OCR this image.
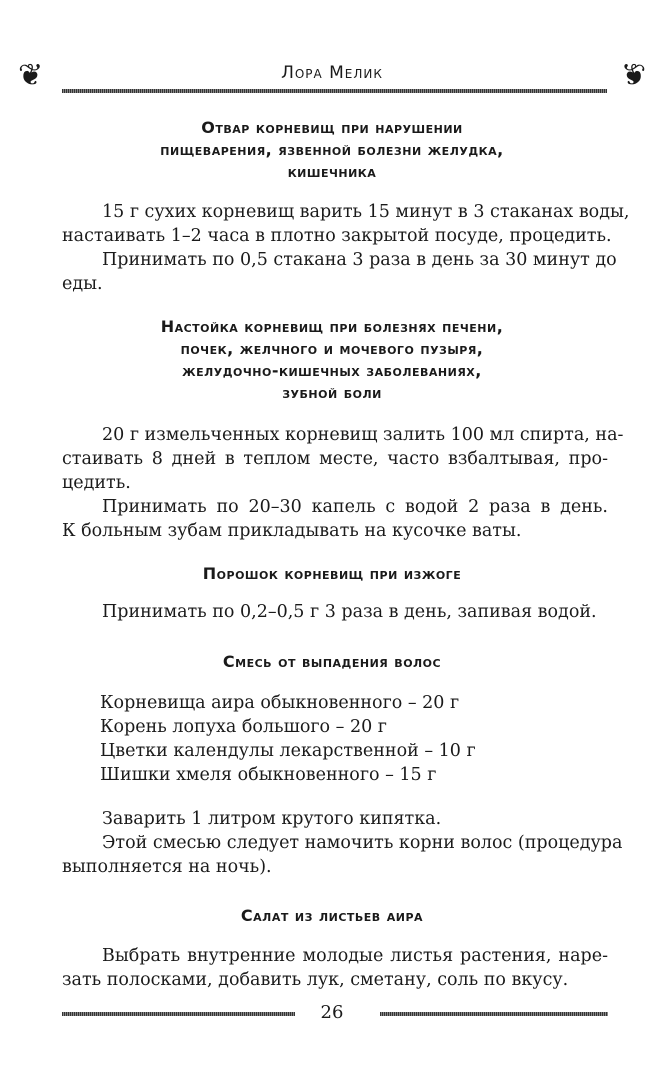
❦	Лора Мелик	❦
Отвар корневищ при нарушении
пищеварения, язвенной болезни желудка,
кишечника
15 г сухих корневищ варить 15 минут в 3 стаканах воды,
настаивать 1–2 часа в плотно закрытой посуде, процедить.
Принимать по 0,5 стакана 3 раза в день за 30 минут до
еды.
Настойка корневищ при болезнях печени,
почек, желчного и мочевого пузыря,
желудочно-кишечных заболеваниях,
зубной боли
20 г измельченных корневищ залить 100 мл спирта, на-
стаивать 8 дней в теплом месте, часто взбалтывая, про-
цедить.
Принимать по 20–30 капель с водой 2 раза в день.
К больным зубам прикладывать на кусочке ваты.
Порошок корневищ при изжоге
Принимать по 0,2–0,5 г 3 раза в день, запивая водой.
Смесь от выпадения волос
Корневища аира обыкновенного – 20 г
Корень лопуха большого – 20 г
Цветки календулы лекарственной – 10 г
Шишки хмеля обыкновенного – 15 г
Заварить 1 литром крутого кипятка.
Этой смесью следует намочить корни волос (процедура
выполняется на ночь).
Салат из листьев аира
Выбрать внутренние молодые листья растения, наре-
зать полосками, добавить лук, сметану, соль по вкусу.
26
